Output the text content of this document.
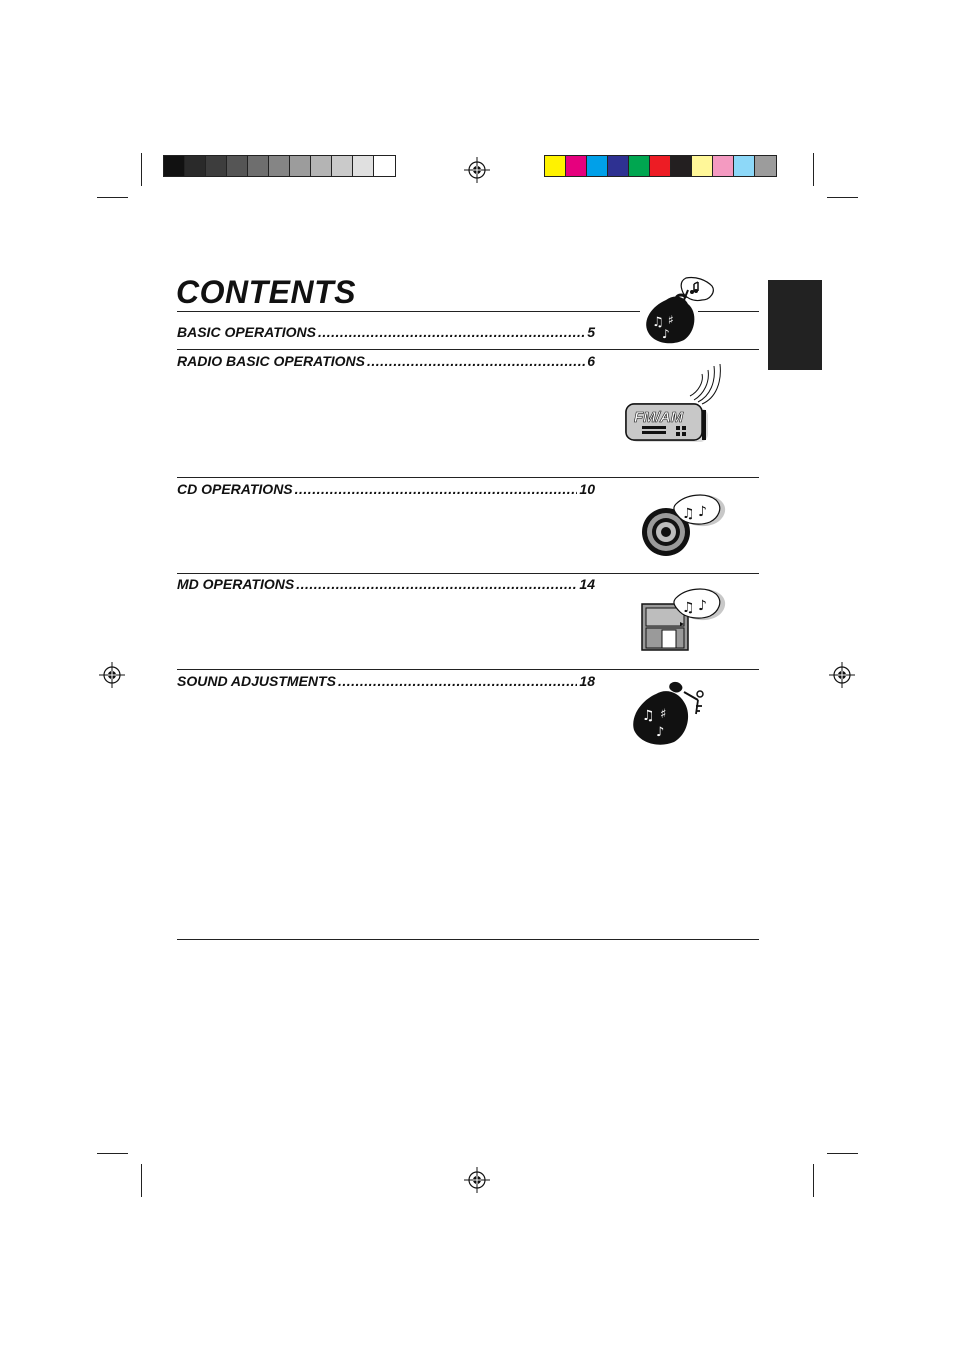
CONTENTS
BASIC OPERATIONS .....	5
RADIO BASIC OPERATIONS .....	6
CD OPERATIONS .....	10
MD OPERATIONS .....	14
SOUND ADJUSTMENTS .....	18
♫ ♯
♪
FM/AM
♫ ♪
♫ ♪
♫ ♯
♪
